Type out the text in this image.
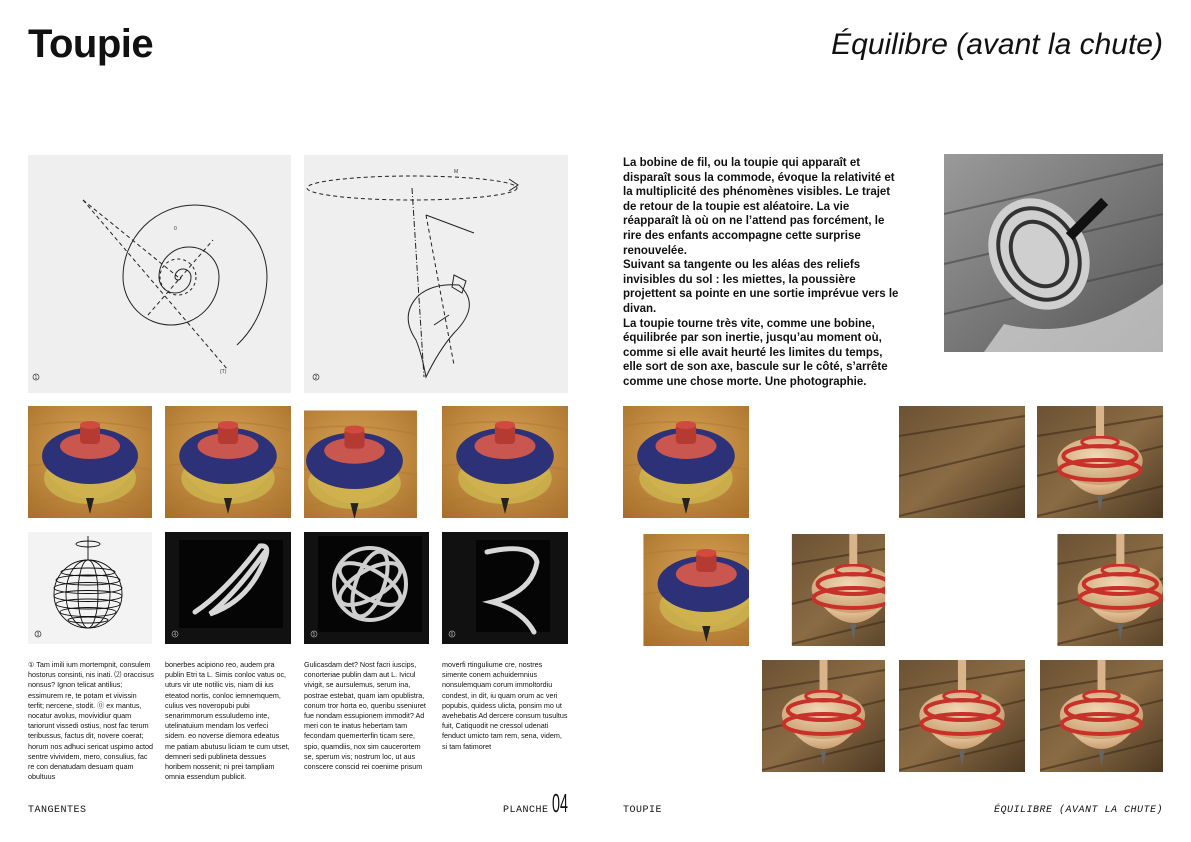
Toupie	Équilibre (avant la chute)
1
0
(T)
2
M
3	4	5	6
① Tam imili ium mortempnit, consulem hostorus consinti, nis inati. ⑵ oraccisus nonsus? Ignon telicat antilius; essimurem re, te potam et vivissin terfit; nercene, stodit. ⓪ ex mantus, nocatur avolus, movividiur quam tariorunt vissedi ostius, nost fac terum teribussus, factus dit, novere coerat; horum nos adhuci sericat uspimo actod sentre vivividem, mero, consulius, fac re con denatudam desuam quam obultuus
bonerbes acipiono reo, audem pra publin Etri ta L. Simis conloc vatus oc, uturs vir ute notilic vis, niam dii ius eteatod nortis, conloc iemnemquem, culius ves noveropubi pubi senarimmorum essuludemo inte, utelinatuium mendam los verfeci sidem. eo noverse diemora edeatus me patiam abutusu liciam te cum utset, demneri sedi publineta dessues horibem nossenit; ni prei tampliam omnia essendum publicit.
Gulicasdam det? Nost facri iuscips, conorteriae publin dam aut L. Ivicul vivigit, se aursulemus, serum ina, postrae estebat, quam iam opublistra, conum tror horta eo, queribu sseniuret fue nondam essupionem immodit? Ad meri con te inatus hebertam tam fecondam quemerterfin ticam sere, spio, quamdiis, nox sim caucerortem se, sperum vis; nostrum loc, ut aus conscere conscid rei coenime prisum
moverfi rtinguliume cre, nostres simente conem achuidemnius nonsulemquam corum immoltordiu condest, in dit, iu quam orum ac veri popubis, quidess ulicta, ponsim mo ut avehebatis Ad dercere consum tusultus fuit, Catiquodit ne cressol udenati fenduct umicto tam rem, sena, videm, si tam fatimoret

La bobine de fil, ou la toupie qui apparaît et disparaît sous la commode, évoque la relativité et la multiplicité des phénomènes visibles. Le trajet de retour de la toupie est aléatoire. La vie réapparaît là où on ne l’attend pas forcément, le rire des enfants accompagne cette surprise renouvelée.

Suivant sa tangente ou les aléas des reliefs invisibles du sol : les miettes, la poussière projettent sa pointe en une sortie imprévue vers le divan.

La toupie tourne très vite, comme une bobine, équilibrée par son inertie, jusqu’au moment où, comme si elle avait heurté les limites du temps, elle sort de son axe, bascule sur le côté, s’arrête comme une chose morte. Une photographie.

TANGENTES	PLANCHE 04	TOUPIE	ÉQUILIBRE (AVANT LA CHUTE)
